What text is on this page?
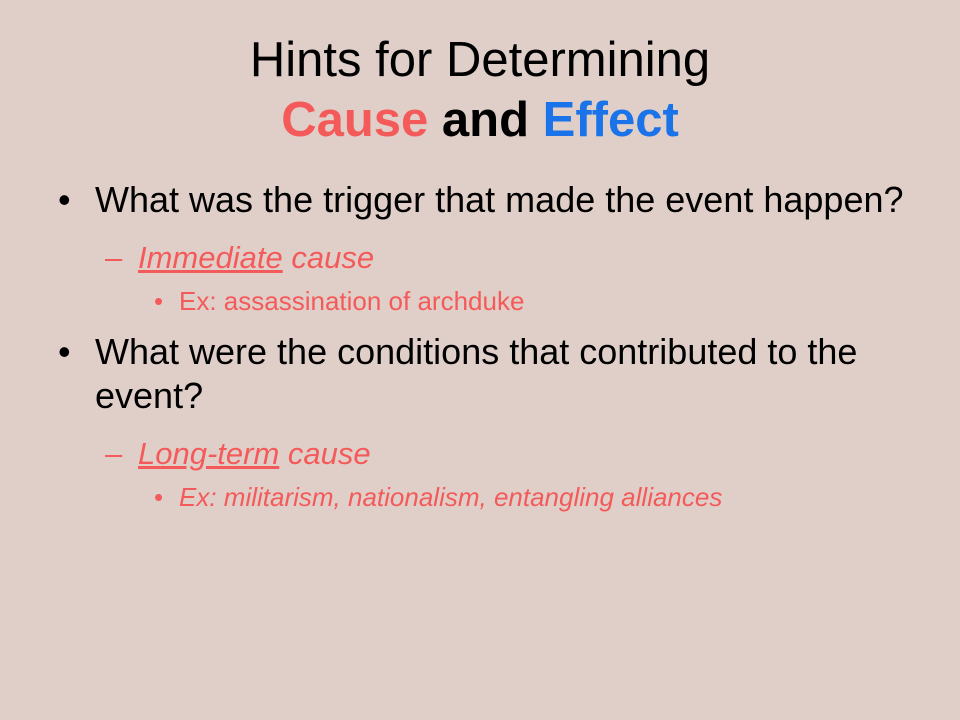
Hints for Determining
Cause and Effect
• What was the trigger that made the event happen?
– Immediate cause
• Ex: assassination of archduke
• What were the conditions that contributed to the event?
– Long-term cause
• Ex: militarism, nationalism, entangling alliances
